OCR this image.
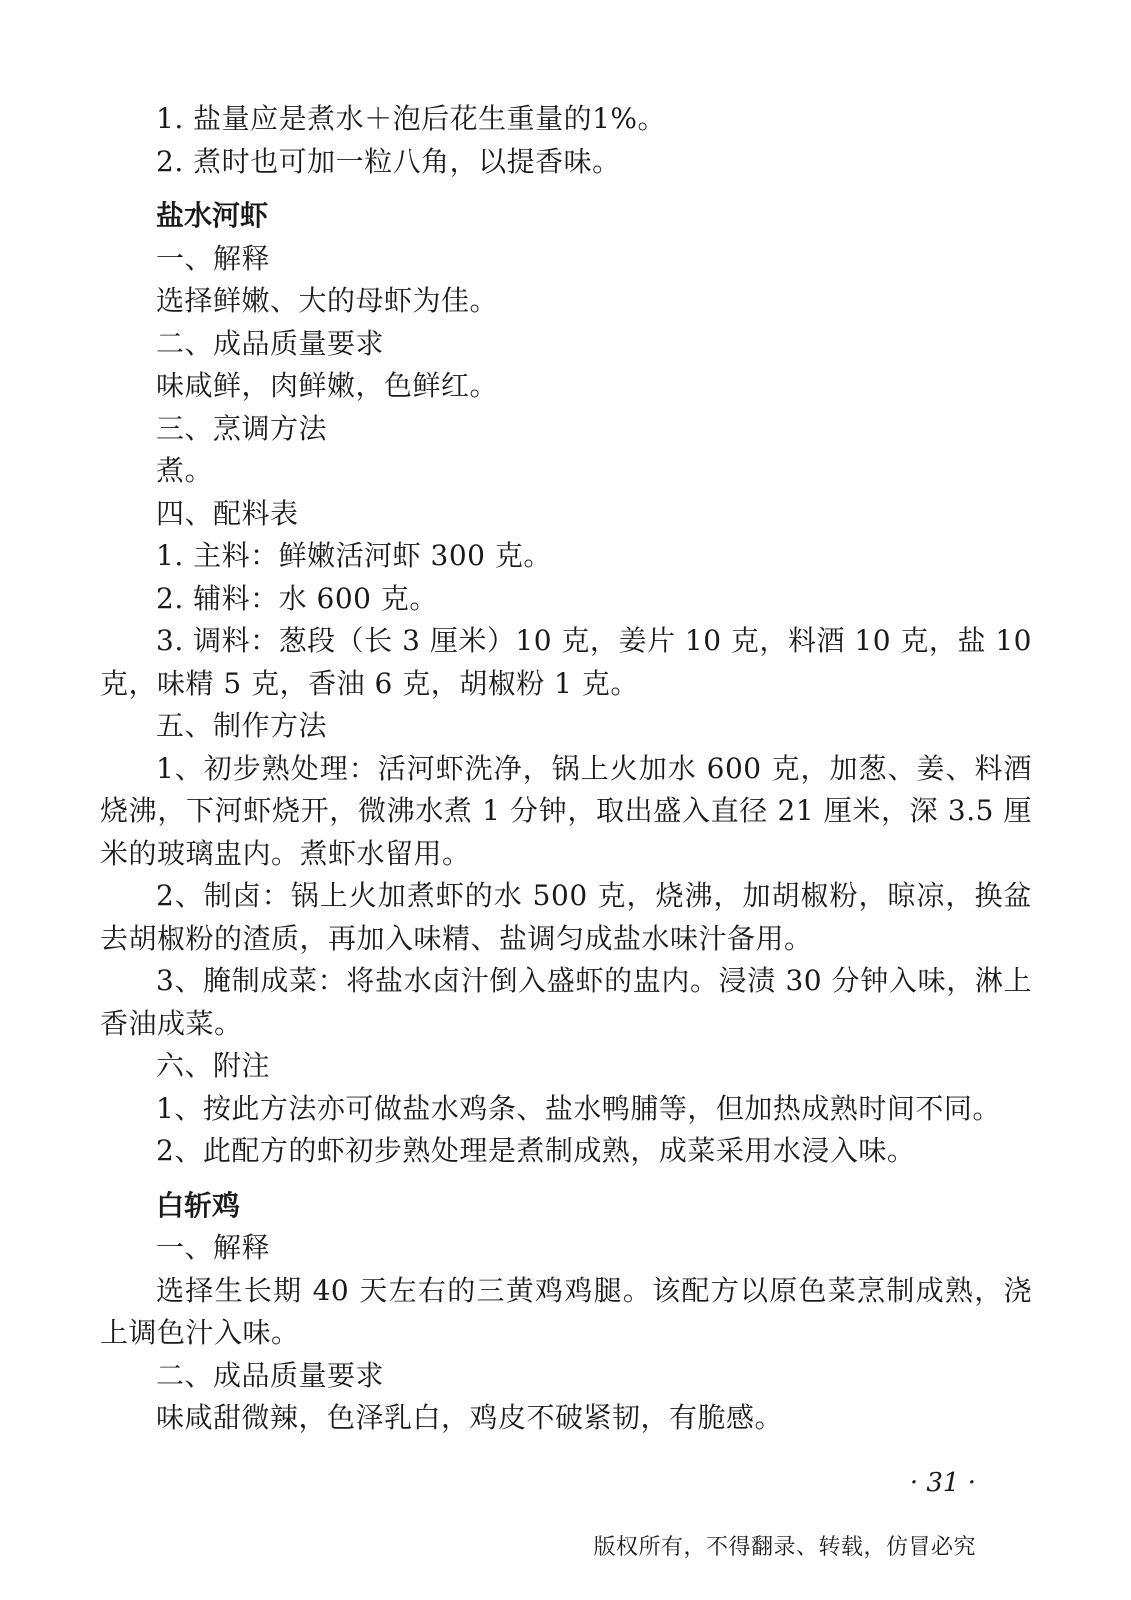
1. 盐量应是煮水＋泡后花生重量的1%。
2. 煮时也可加一粒八角，以提香味。
盐水河虾
一、解释
选择鲜嫩、大的母虾为佳。
二、成品质量要求
味咸鲜，肉鲜嫩，色鲜红。
三、烹调方法
煮。
四、配料表
1. 主料：鲜嫩活河虾 300 克。
2. 辅料：水 600 克。
3. 调料：葱段（长 3 厘米）10 克，姜片 10 克，料酒 10 克，盐 10 克，味精 5 克，香油 6 克，胡椒粉 1 克。
五、制作方法
1、初步熟处理：活河虾洗净，锅上火加水 600 克，加葱、姜、料酒烧沸，下河虾烧开，微沸水煮 1 分钟，取出盛入直径 21 厘米，深 3.5 厘米的玻璃盅内。煮虾水留用。
2、制卤：锅上火加煮虾的水 500 克，烧沸，加胡椒粉，晾凉，换盆去胡椒粉的渣质，再加入味精、盐调匀成盐水味汁备用。
3、腌制成菜：将盐水卤汁倒入盛虾的盅内。浸渍 30 分钟入味，淋上香油成菜。
六、附注
1、按此方法亦可做盐水鸡条、盐水鸭脯等，但加热成熟时间不同。
2、此配方的虾初步熟处理是煮制成熟，成菜采用水浸入味。
白斩鸡
一、解释
选择生长期 40 天左右的三黄鸡鸡腿。该配方以原色菜烹制成熟，浇上调色汁入味。
二、成品质量要求
味咸甜微辣，色泽乳白，鸡皮不破紧韧，有脆感。
· 31 ·
版权所有，不得翻录、转载，仿冒必究
